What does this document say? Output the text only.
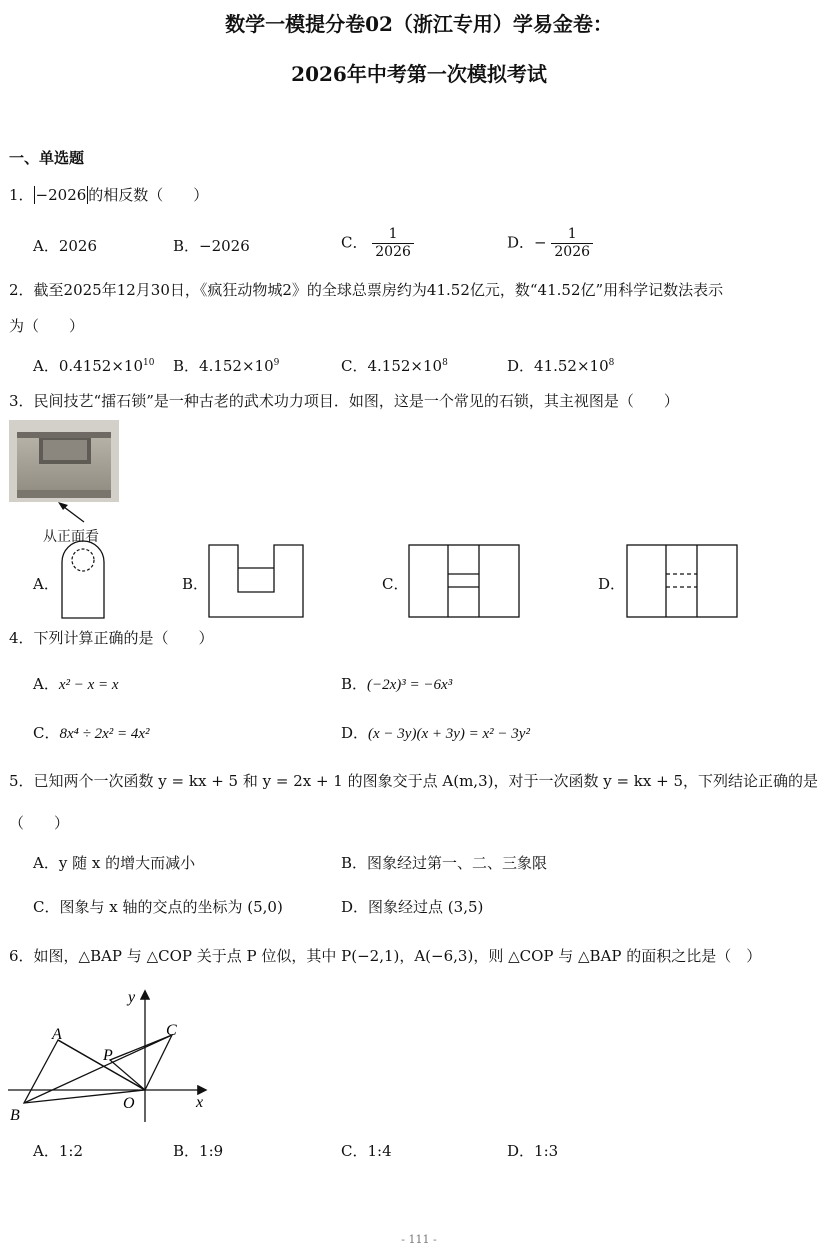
数学一模提分卷02（浙江专用）学易金卷：
2026年中考第一次模拟考试
一、单选题
1． −2026 的相反数（　　）
A．2026	B．−2026	C． $\frac{1}{2026}$	D．− $\frac{1}{2026}$
2．截至2025年12月30日，《疯狂动物城2》的全球总票房约为41.52亿元，数“41.52亿”用科学记数法表示
为（　　）
A．$0.4152\times 10^{10}$ B．$4.152\times 10^9$	C．$4.152\times 10^8$	D．$41.52\times 10^8$
3．民间技艺“擂石锁”是一种古老的武术功力项目．如图，这是一个常见的石锁，其主视图是（　　）
从正面看
A．	B．	C．	D．
4．下列计算正确的是（　　）
A．x² − x = x	B．(−2x)³ = −6x³
C．8x⁴ ÷ 2x² = 4x²	D．(x − 3y)(x + 3y) = x² − 3y²
5．已知两个一次函数 y = kx + 5 和 y = 2x + 1 的图象交于点 A(m,3)，对于一次函数 y = kx + 5，下列结论正确的是
（　　）
A．y 随 x 的增大而减小	B．图象经过第一、二、三象限
C．图象与 x 轴的交点的坐标为 (5,0)	D．图象经过点 (3,5)
6．如图，△BAP 与 △COP 关于点 P 位似，其中 P(−2,1)，A(−6,3)，则 △COP 与 △BAP 的面积之比是（　）
y
x
A
B
C
P
O
A．1:2	B．1:9	C．1:4	D．1:3
- 111 -
